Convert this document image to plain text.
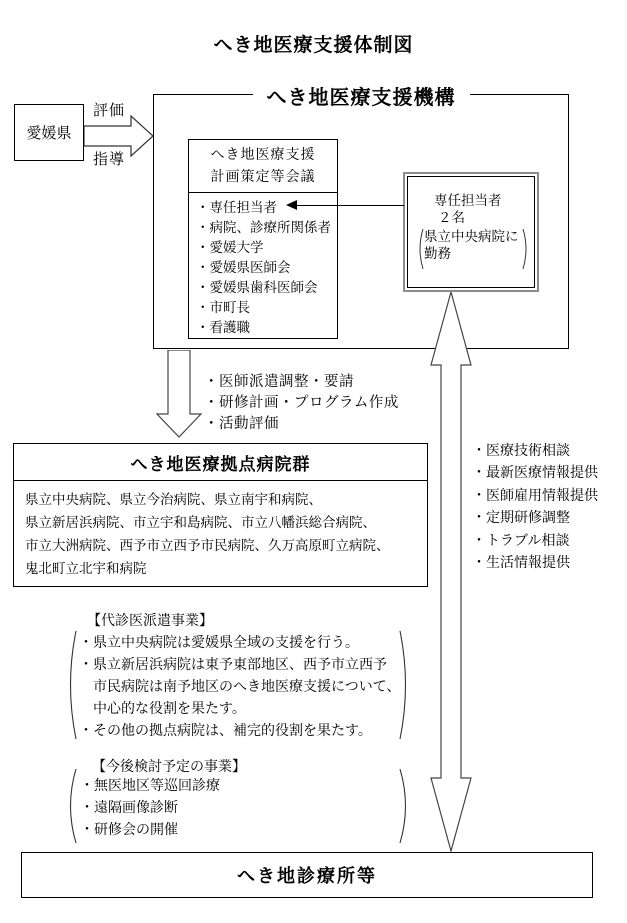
へき地医療支援体制図
愛媛県
評価
指導
へき地医療支援機構
へき地医療支援
計画策定等会議
・専任担当者
・病院、診療所関係者
・愛媛大学
・愛媛県医師会
・愛媛県歯科医師会
・市町長
・看護職
専任担当者
２名
県立中央病院に
勤務
・医師派遣調整・要請
・研修計画・プログラム作成
・活動評価
へき地医療拠点病院群
県立中央病院、県立今治病院、県立南宇和病院、
県立新居浜病院、市立宇和島病院、市立八幡浜総合病院、
市立大洲病院、西予市立西予市民病院、久万高原町立病院、
鬼北町立北宇和病院
・医療技術相談
・最新医療情報提供
・医師雇用情報提供
・定期研修調整
・トラブル相談
・生活情報提供
【代診医派遣事業】
・県立中央病院は愛媛県全域の支援を行う。
・県立新居浜病院は東予東部地区、西予市立西予
　市民病院は南予地区のへき地医療支援について、
　中心的な役割を果たす。
・その他の拠点病院は、補完的役割を果たす。
【今後検討予定の事業】
・無医地区等巡回診療
・遠隔画像診断
・研修会の開催
へき地診療所等
